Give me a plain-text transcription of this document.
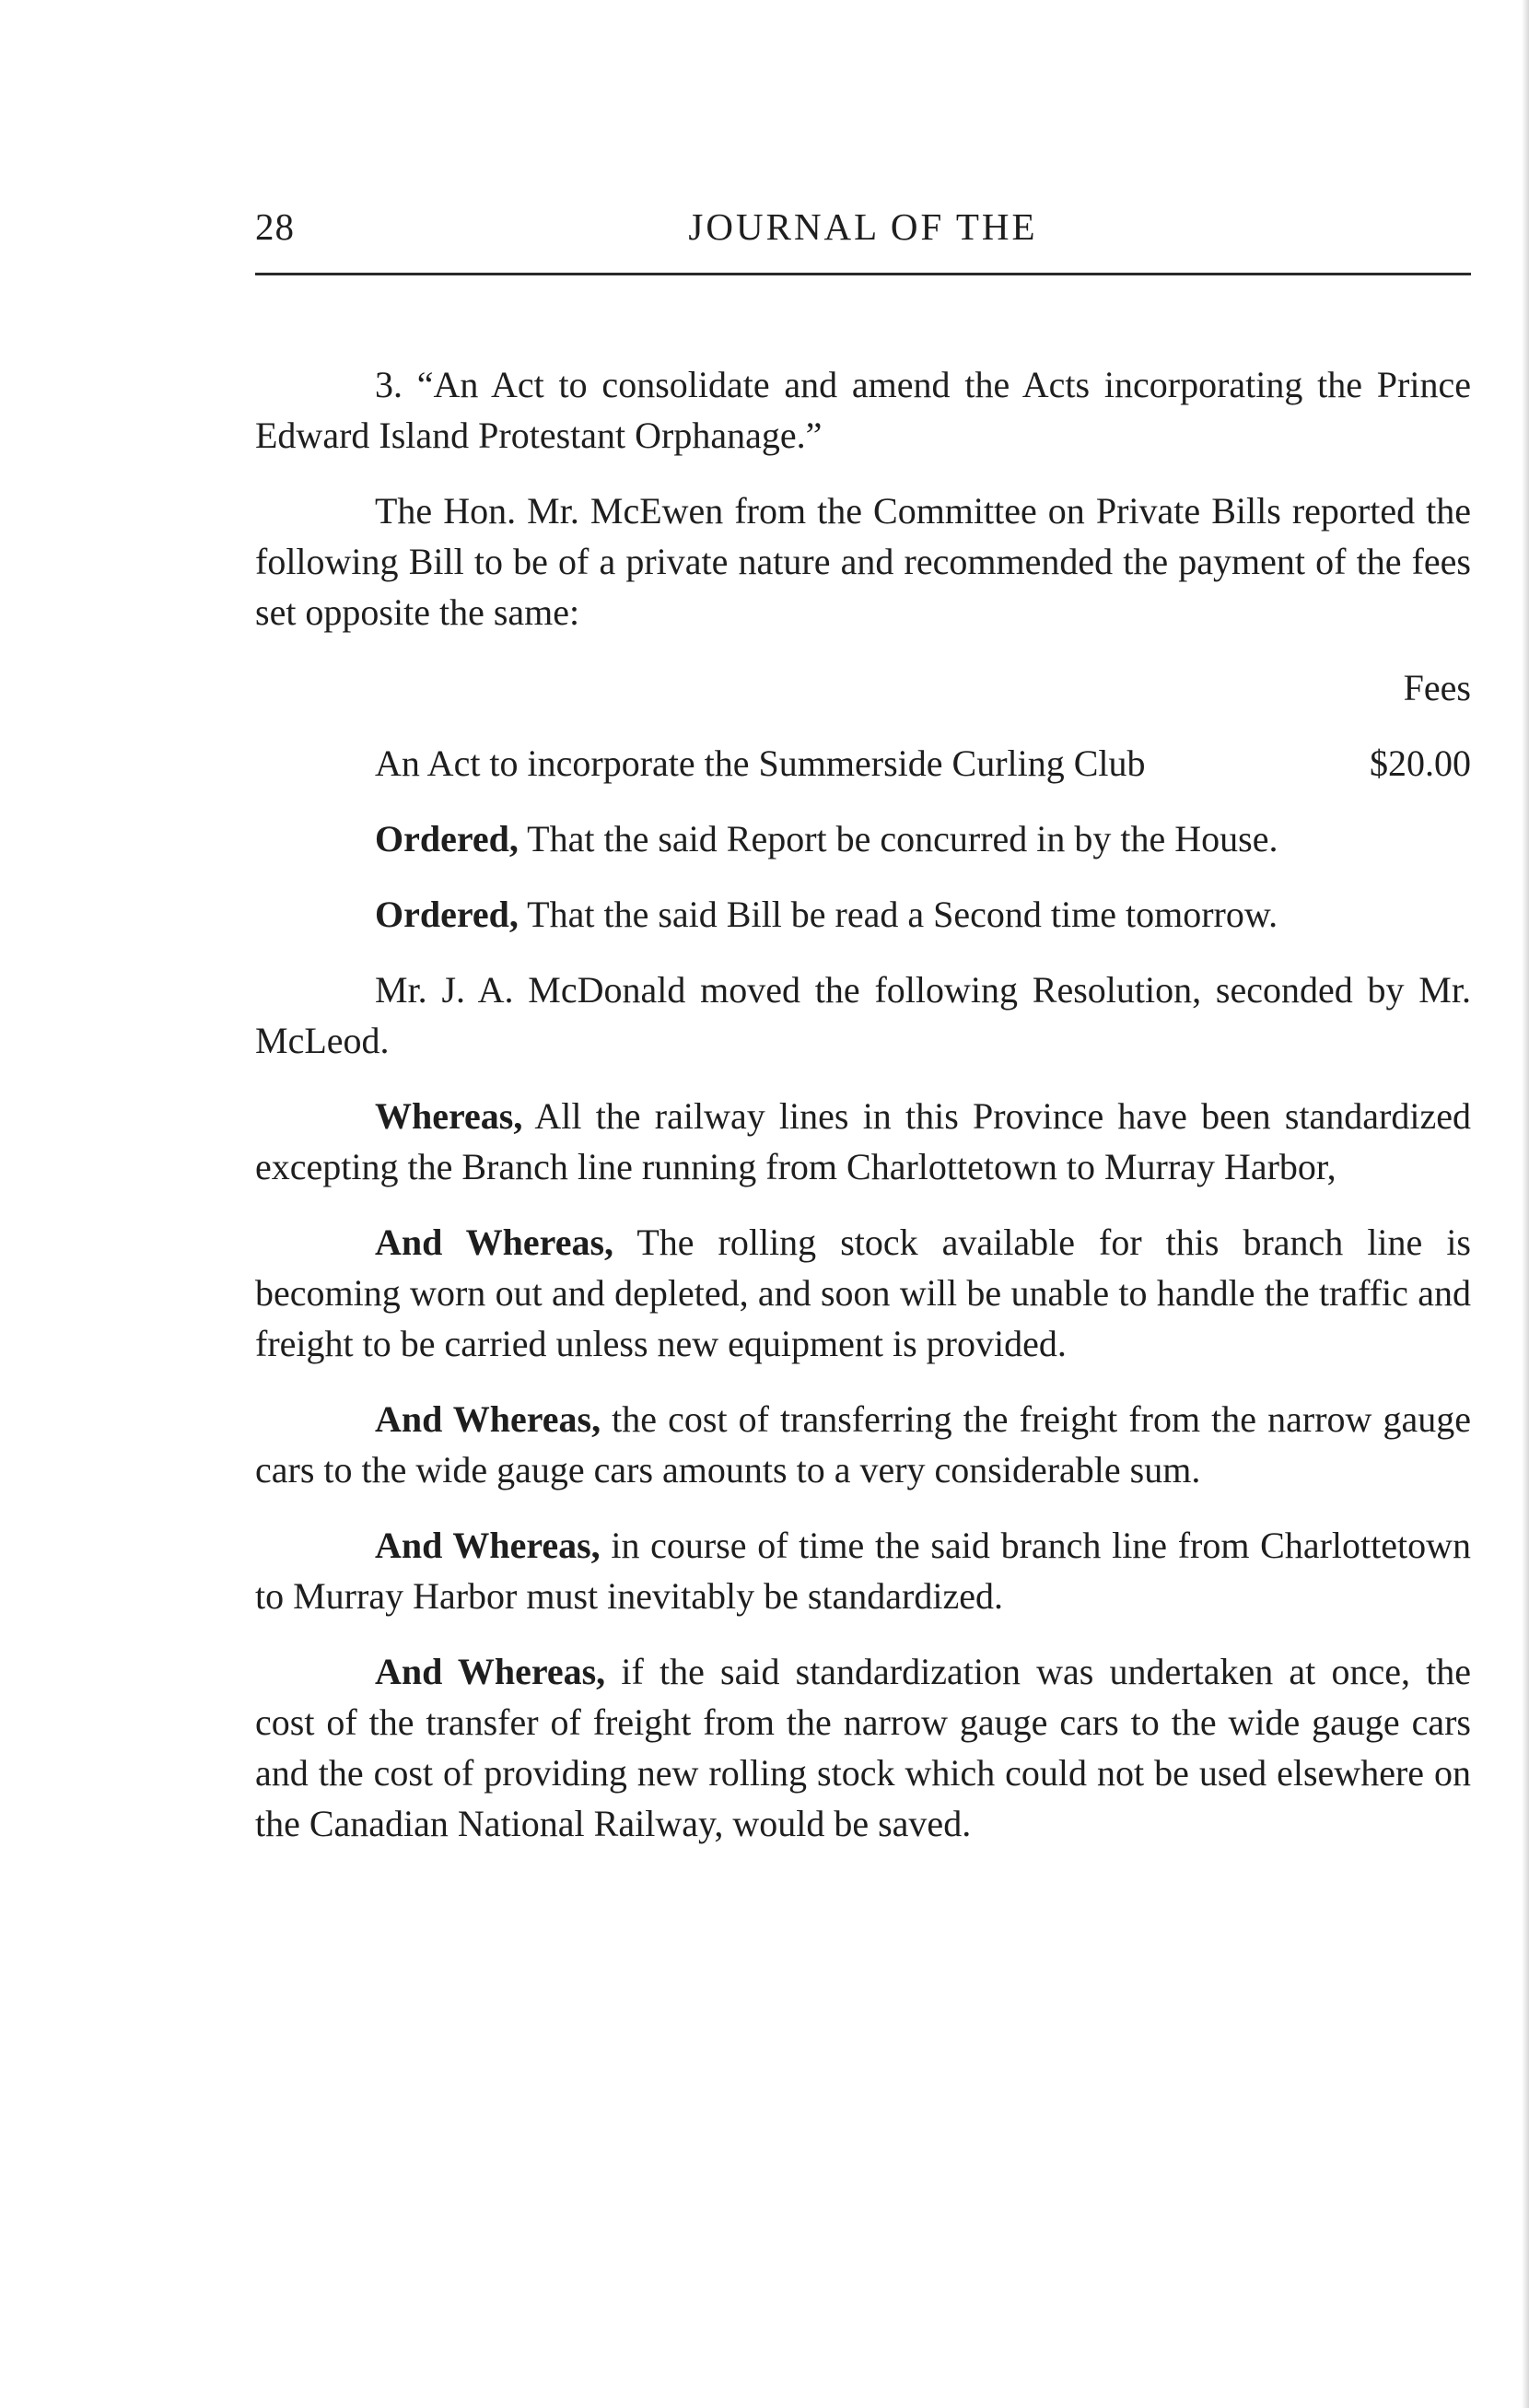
28	JOURNAL OF THE

3. “An Act to consolidate and amend the Acts incorporating the Prince Edward Island Protestant Orphanage.”

The Hon. Mr. McEwen from the Committee on Private Bills reported the following Bill to be of a private nature and recommended the payment of the fees set opposite the same:

Fees

An Act to incorporate the Summerside Curling Club	$20.00

Ordered, That the said Report be concurred in by the House.

Ordered, That the said Bill be read a Second time tomorrow.

Mr. J. A. McDonald moved the following Resolution, seconded by Mr. McLeod.

Whereas, All the railway lines in this Province have been standardized excepting the Branch line running from Charlottetown to Murray Harbor,

And Whereas, The rolling stock available for this branch line is becoming worn out and depleted, and soon will be unable to handle the traffic and freight to be carried unless new equipment is provided.

And Whereas, the cost of transferring the freight from the narrow gauge cars to the wide gauge cars amounts to a very considerable sum.

And Whereas, in course of time the said branch line from Charlottetown to Murray Harbor must inevitably be standardized.

And Whereas, if the said standardization was undertaken at once, the cost of the transfer of freight from the narrow gauge cars to the wide gauge cars and the cost of providing new rolling stock which could not be used elsewhere on the Canadian National Railway, would be saved.
